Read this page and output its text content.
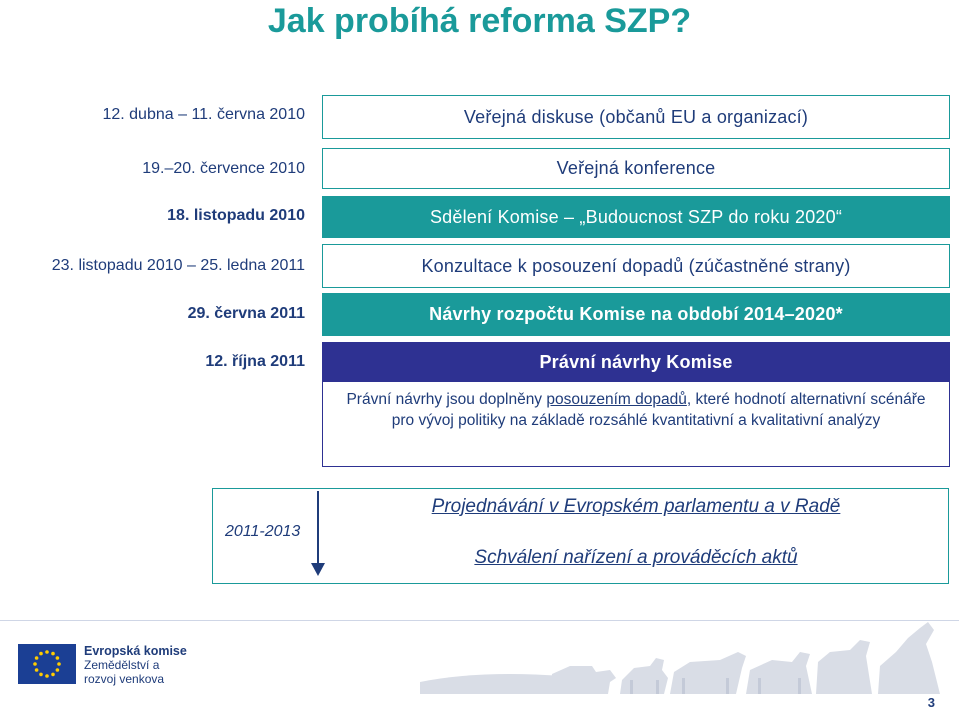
Jak probíhá reforma SZP?
12. dubna – 11. června 2010
19.–20. července 2010
18. listopadu 2010
23. listopadu 2010 – 25. ledna 2011
29. června 2011
12. října 2011
Veřejná diskuse (občanů EU a organizací)
Veřejná konference
Sdělení Komise – „Budoucnost SZP do roku 2020“
Konzultace k posouzení dopadů (zúčastněné strany)
Návrhy rozpočtu Komise na období 2014–2020*
Právní návrhy Komise
Právní návrhy jsou doplněny posouzením dopadů, které hodnotí alternativní scénáře pro vývoj politiky na základě rozsáhlé kvantitativní a kvalitativní analýzy
2011-2013
Projednávání v Evropském parlamentu a v Radě
Schválení nařízení a prováděcích aktů
Evropská komise
Zemědělství a
rozvoj venkova
3
